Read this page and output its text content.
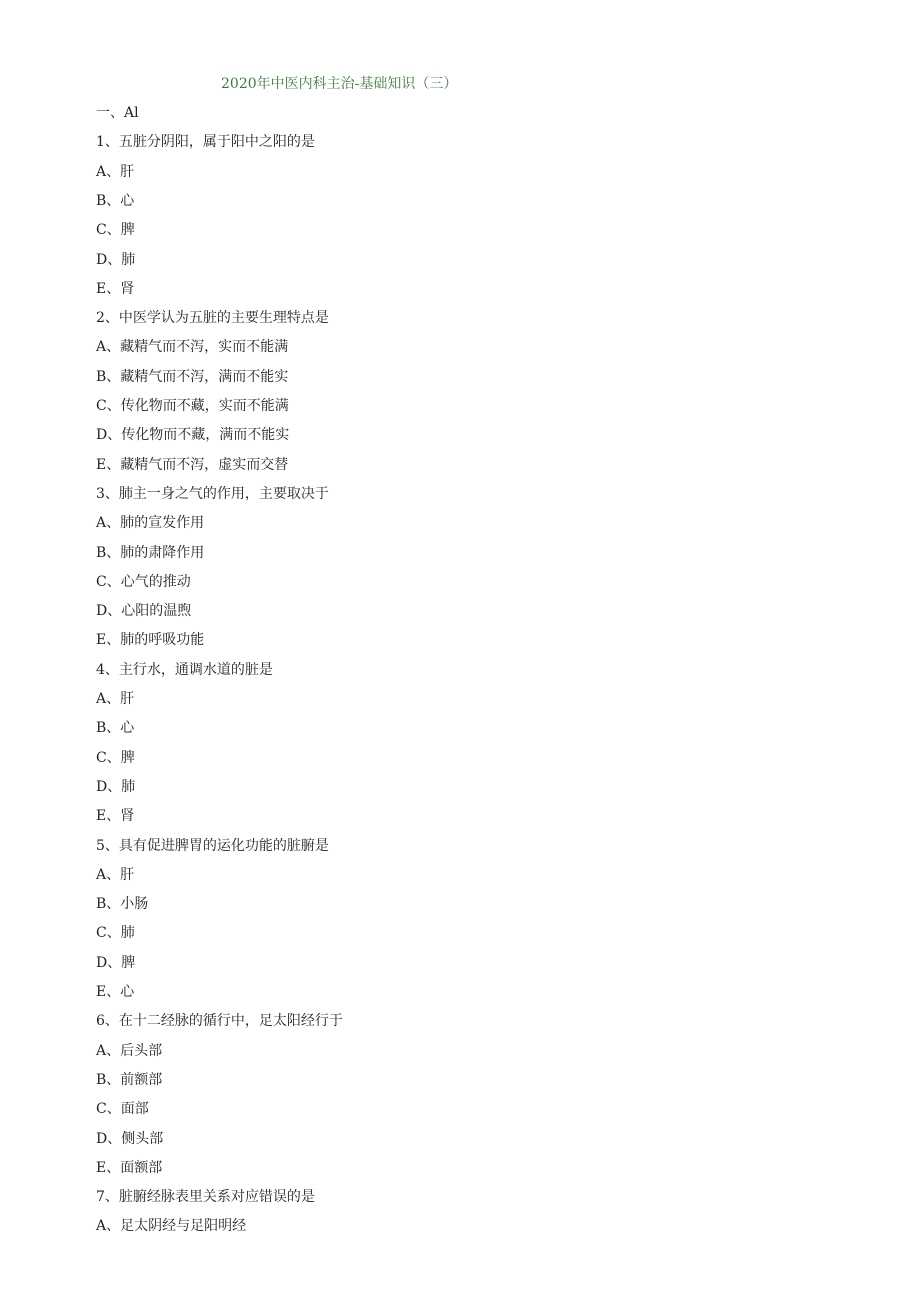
2020年中医内科主治-基础知识（三）
一、Al
1、五脏分阴阳，属于阳中之阳的是
A、肝
B、心
C、脾
D、肺
E、肾
2、中医学认为五脏的主要生理特点是
A、藏精气而不泻，实而不能满
B、藏精气而不泻，满而不能实
C、传化物而不藏，实而不能满
D、传化物而不藏，满而不能实
E、藏精气而不泻，虚实而交替
3、肺主一身之气的作用，主要取决于
A、肺的宣发作用
B、肺的肃降作用
C、心气的推动
D、心阳的温煦
E、肺的呼吸功能
4、主行水，通调水道的脏是
A、肝
B、心
C、脾
D、肺
E、肾
5、具有促进脾胃的运化功能的脏腑是
A、肝
B、小肠
C、肺
D、脾
E、心
6、在十二经脉的循行中，足太阳经行于
A、后头部
B、前额部
C、面部
D、侧头部
E、面额部
7、脏腑经脉表里关系对应错误的是
A、足太阴经与足阳明经
